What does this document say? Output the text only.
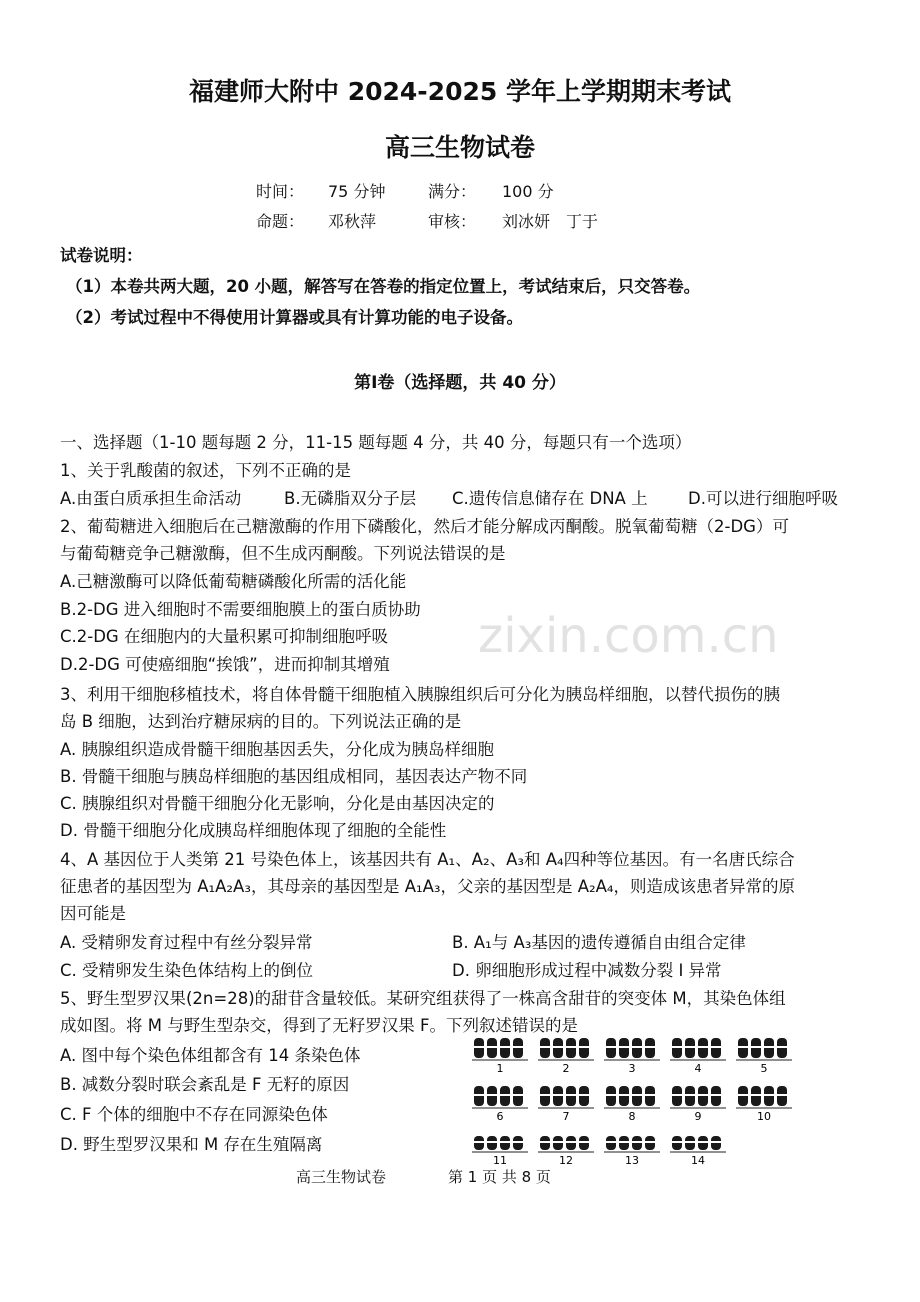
福建师大附中 2024-2025 学年上学期期末考试
高三生物试卷
时间： 75 分钟	满分： 100 分
命题： 邓秋萍	审核： 刘冰妍　丁于
试卷说明：
（1）本卷共两大题，20 小题，解答写在答卷的指定位置上，考试结束后，只交答卷。
（2）考试过程中不得使用计算器或具有计算功能的电子设备。
第Ⅰ卷（选择题，共 40 分）
一、选择题（1-10 题每题 2 分，11-15 题每题 4 分，共 40 分，每题只有一个选项）
1、关于乳酸菌的叙述，下列不正确的是
A.由蛋白质承担生命活动	B.无磷脂双分子层 C.遗传信息储存在 DNA 上 D.可以进行细胞呼吸
2、葡萄糖进入细胞后在己糖激酶的作用下磷酸化，然后才能分解成丙酮酸。脱氧葡萄糖（2-DG）可
与葡萄糖竞争己糖激酶，但不生成丙酮酸。下列说法错误的是
A.己糖激酶可以降低葡萄糖磷酸化所需的活化能
B.2-DG 进入细胞时不需要细胞膜上的蛋白质协助
C.2-DG 在细胞内的大量积累可抑制细胞呼吸
D.2-DG 可使癌细胞“挨饿”，进而抑制其增殖
3、利用干细胞移植技术，将自体骨髓干细胞植入胰腺组织后可分化为胰岛样细胞，以替代损伤的胰
岛 B 细胞，达到治疗糖尿病的目的。下列说法正确的是
A. 胰腺组织造成骨髓干细胞基因丢失，分化成为胰岛样细胞
B. 骨髓干细胞与胰岛样细胞的基因组成相同，基因表达产物不同
C. 胰腺组织对骨髓干细胞分化无影响，分化是由基因决定的
D. 骨髓干细胞分化成胰岛样细胞体现了细胞的全能性
4、A 基因位于人类第 21 号染色体上，该基因共有 A₁、A₂、A₃和 A₄四种等位基因。有一名唐氏综合
征患者的基因型为 A₁A₂A₃，其母亲的基因型是 A₁A₃，父亲的基因型是 A₂A₄，则造成该患者异常的原
因可能是
A. 受精卵发育过程中有丝分裂异常	B. A₁与 A₃基因的遗传遵循自由组合定律
C. 受精卵发生染色体结构上的倒位	D. 卵细胞形成过程中减数分裂 I 异常
5、野生型罗汉果(2n=28)的甜苷含量较低。某研究组获得了一株高含甜苷的突变体 M，其染色体组
成如图。将 M 与野生型杂交，得到了无籽罗汉果 F。下列叙述错误的是
A. 图中每个染色体组都含有 14 条染色体
B. 减数分裂时联会紊乱是 F 无籽的原因
C. F 个体的细胞中不存在同源染色体
D. 野生型罗汉果和 M 存在生殖隔离
1	2	3	4	5
6	7	8	9	10
11	12	13	14
zixin.com.cn
高三生物试卷	第 1 页 共 8 页
